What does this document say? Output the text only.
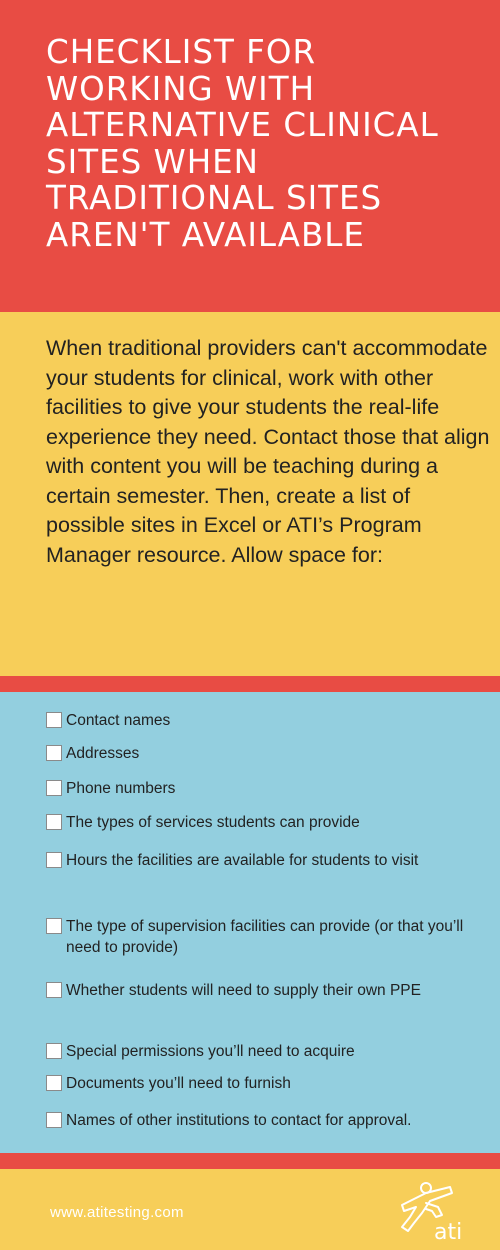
CHECKLIST FOR WORKING WITH ALTERNATIVE CLINICAL SITES WHEN TRADITIONAL SITES AREN'T AVAILABLE

When traditional providers can't accommodate your students for clinical, work with other facilities to give your students the real-life experience they need. Contact those that align with content you will be teaching during a certain semester. Then, create a list of possible sites in Excel or ATI’s Program Manager resource. Allow space for:

Contact names
Addresses
Phone numbers
The types of services students can provide
Hours the facilities are available for students to visit
The type of supervision facilities can provide (or that you’ll need to provide)
Whether students will need to supply their own PPE
Special permissions you’ll need to acquire
Documents you’ll need to furnish
Names of other institutions to contact for approval.
www.atitesting.com
ati
